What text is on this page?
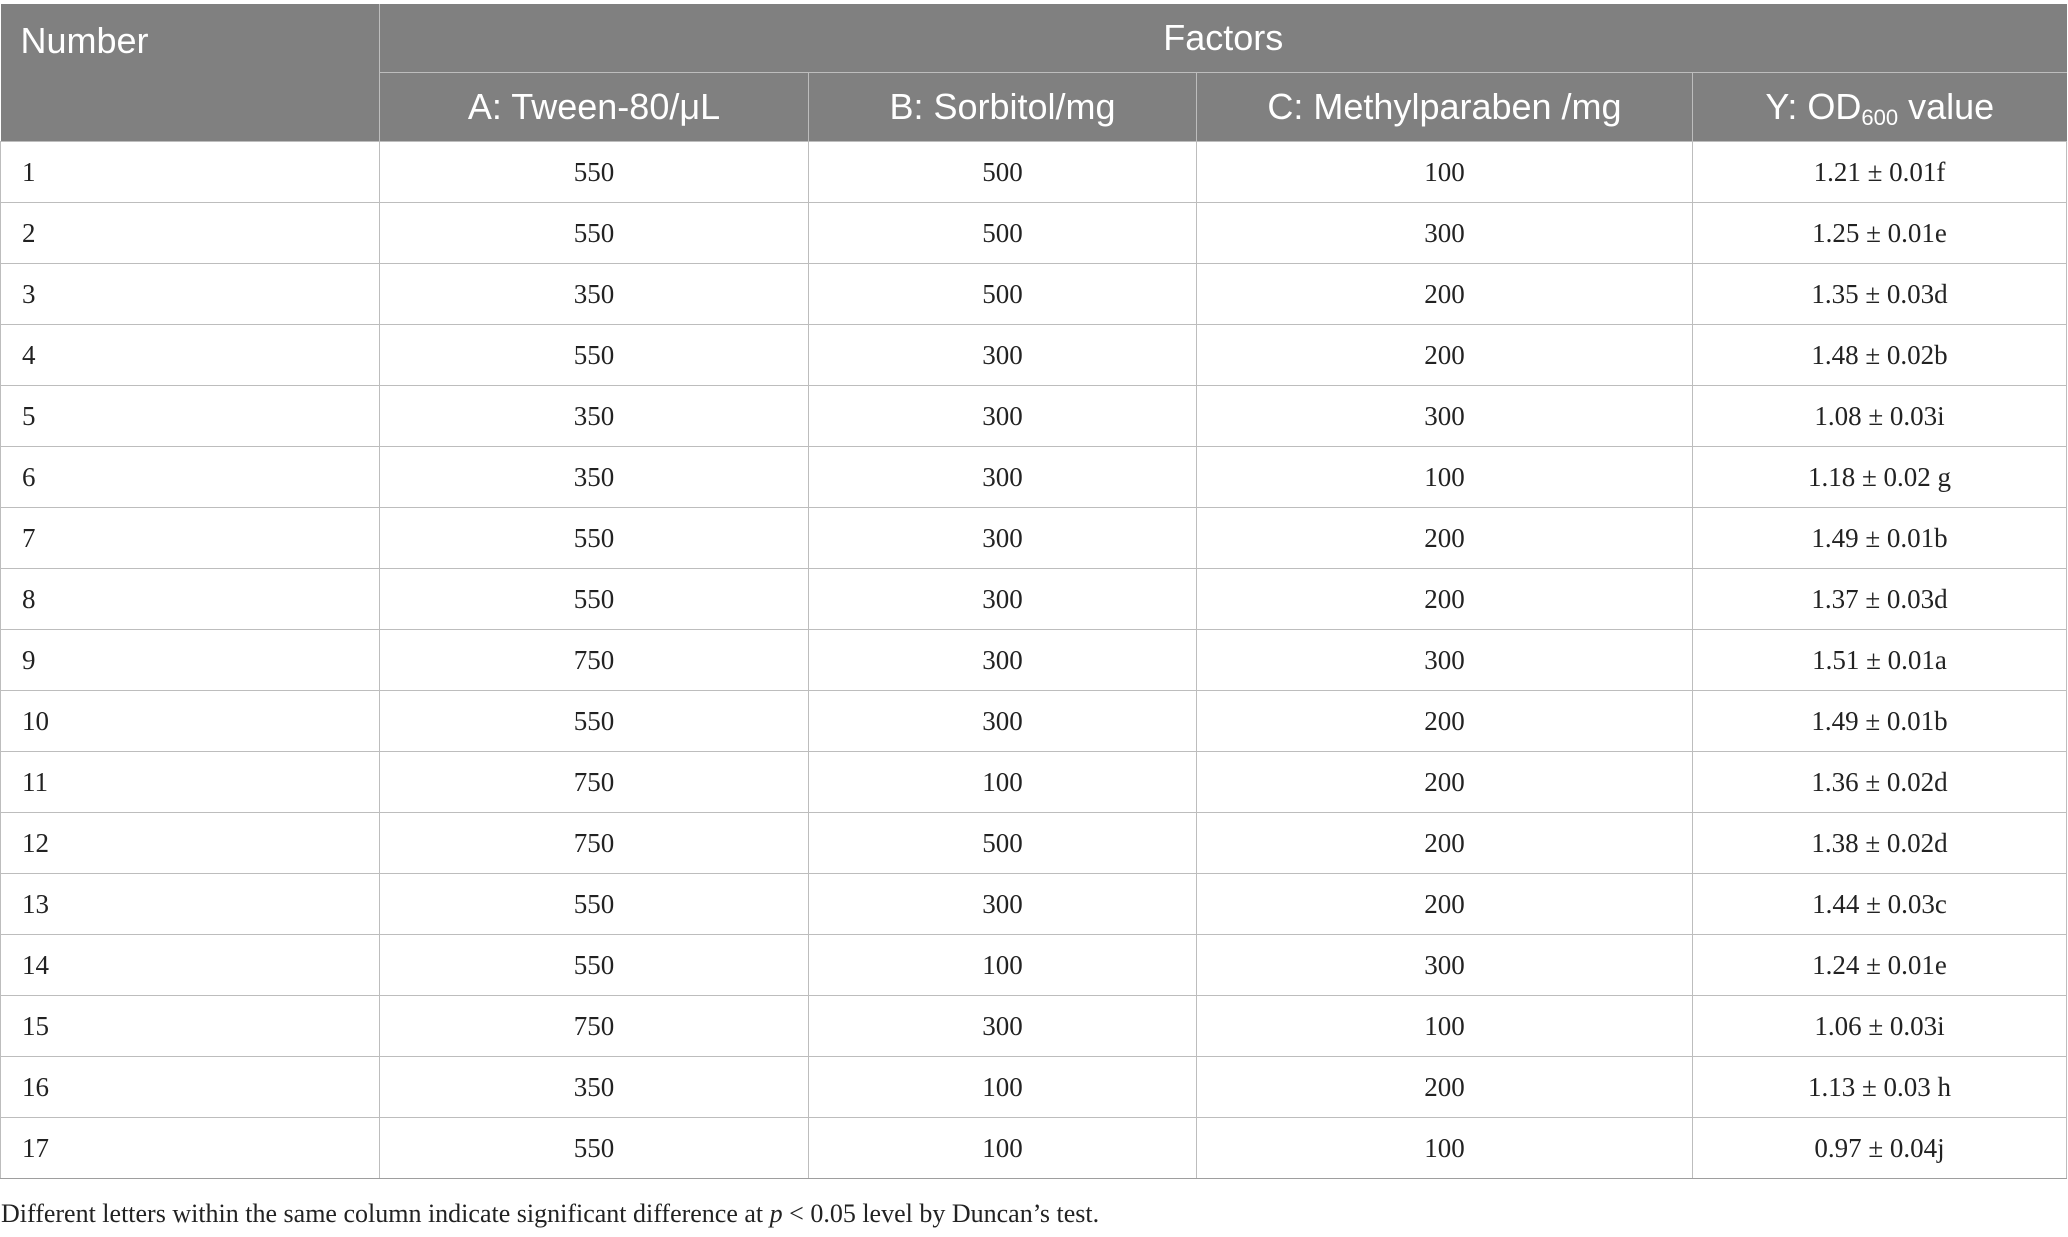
Number	Factors			
	A: Tween-80/μL	B: Sorbitol/mg	C: Methylparaben /mg	Y: $OD_{600}$ value
1	550	500	100	1.21 ± 0.01f
2	550	500	300	1.25 ± 0.01e
3	350	500	200	1.35 ± 0.03d
4	550	300	200	1.48 ± 0.02b
5	350	300	300	1.08 ± 0.03i
6	350	300	100	1.18 ± 0.02 g
7	550	300	200	1.49 ± 0.01b
8	550	300	200	1.37 ± 0.03d
9	750	300	300	1.51 ± 0.01a
10	550	300	200	1.49 ± 0.01b
11	750	100	200	1.36 ± 0.02d
12	750	500	200	1.38 ± 0.02d
13	550	300	200	1.44 ± 0.03c
14	550	100	300	1.24 ± 0.01e
15	750	300	100	1.06 ± 0.03i
16	350	100	200	1.13 ± 0.03 h
17	550	100	100	0.97 ± 0.04j
Different letters within the same column indicate significant difference at p < 0.05 level by Duncan’s test.
